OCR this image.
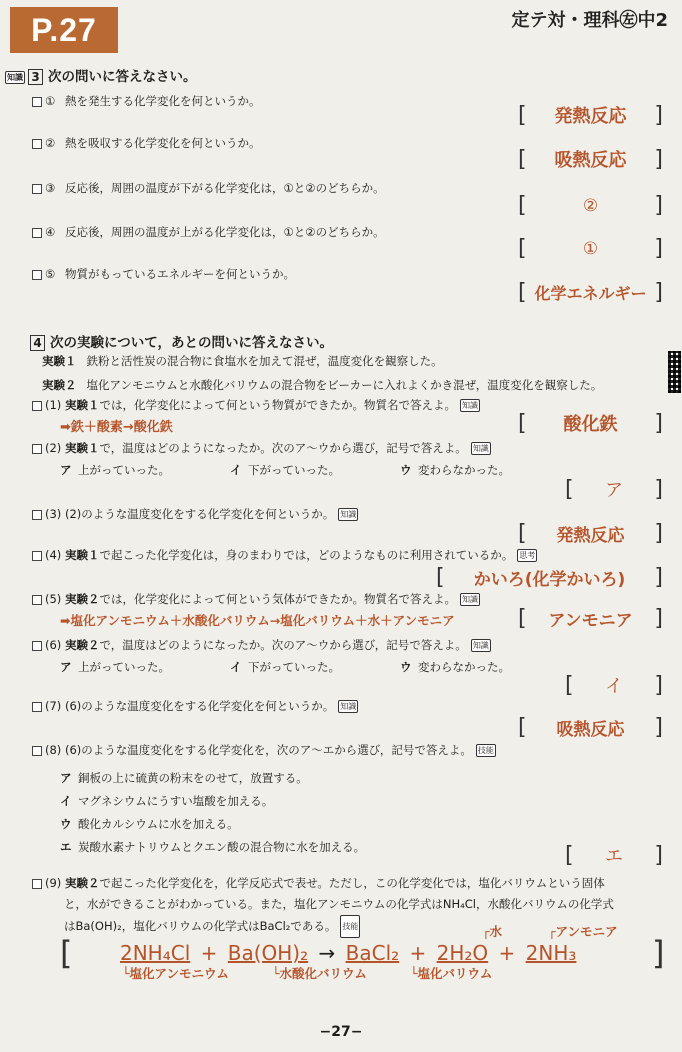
P.27	定テ対・理科㊧中2
知識 3 次の問いに答えなさい。
① 熱を発生する化学変化を何というか。
[ 発熱反応 ]
② 熱を吸収する化学変化を何というか。
[ 吸熱反応 ]
③ 反応後，周囲の温度が下がる化学変化は，①と②のどちらか。
[	②	]
④ 反応後，周囲の温度が上がる化学変化は，①と②のどちらか。
[	①	]
⑤ 物質がもっているエネルギーを何というか。
[ 化学エネルギー ]
4 次の実験について，あとの問いに答えなさい。
実験１ 鉄粉と活性炭の混合物に食塩水を加えて混ぜ，温度変化を観察した。
実験２ 塩化アンモニウムと水酸化バリウムの混合物をビーカーに入れよくかき混ぜ，温度変化を観察した。
(1) 実験１では，化学変化によって何という物質ができたか。物質名で答えよ。 知識
➡鉄＋酸素→酸化鉄	[ 酸化鉄 ]
(2) 実験１で，温度はどのようになったか。次のア～ウから選び，記号で答えよ。 知識
ア 上がっていった。	イ 下がっていった。	ウ 変わらなかった。
[ ア ]
(3) (2)のような温度変化をする化学変化を何というか。 知識
[ 発熱反応 ]
(4) 実験１で起こった化学変化は，身のまわりでは，どのようなものに利用されているか。 思考
[ かいろ(化学かいろ) ]
(5) 実験２では，化学変化によって何という気体ができたか。物質名で答えよ。 知識
➡塩化アンモニウム＋水酸化バリウム→塩化バリウム＋水＋アンモニア	[ アンモニア ]
(6) 実験２で，温度はどのようになったか。次のア～ウから選び，記号で答えよ。 知識
ア 上がっていった。	イ 下がっていった。	ウ 変わらなかった。
[ イ ]
(7) (6)のような温度変化をする化学変化を何というか。 知識
[ 吸熱反応 ]
(8) (6)のような温度変化をする化学変化を，次のア～エから選び，記号で答えよ。 技能
ア 銅板の上に硫黄の粉末をのせて，放置する。
イ マグネシウムにうすい塩酸を加える。
ウ 酸化カルシウムに水を加える。
エ 炭酸水素ナトリウムとクエン酸の混合物に水を加える。	[ エ ]
(9) 実験２で起こった化学変化を，化学反応式で表せ。ただし，この化学変化では，塩化バリウムという固体
と，水ができることがわかっている。また，塩化アンモニウムの化学式はNH₄Cl，水酸化バリウムの化学式
はBa(OH)₂，塩化バリウムの化学式はBaCl₂である。 技能
[	]
┌水	┌アンモニア
2NH₄Cl + Ba(OH)₂ → BaCl₂ + 2H₂O + 2NH₃
└塩化アンモニウム	└水酸化バリウム	└塩化バリウム
−27−
